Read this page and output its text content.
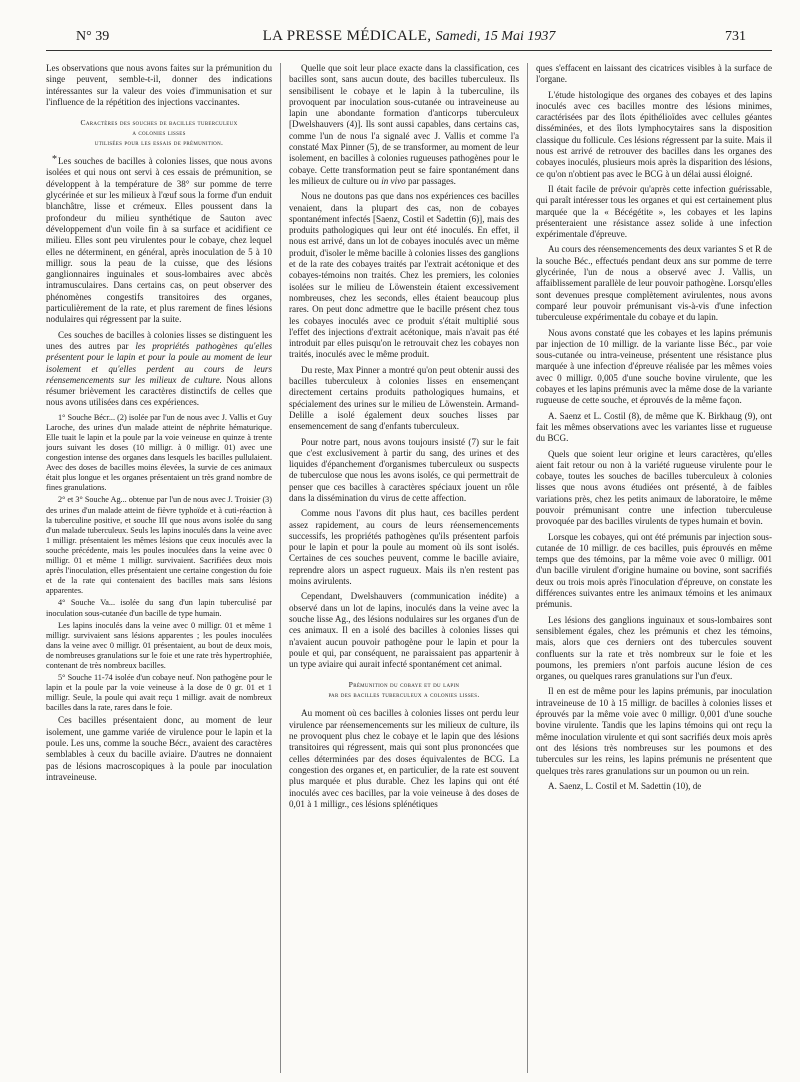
N° 39	LA PRESSE MÉDICALE, Samedi, 15 Mai 1937	731

Les observations que nous avons faites sur la prémunition du singe peuvent, semble-t-il, donner des indications intéressantes sur la valeur des voies d'immunisation et sur l'influence de la répétition des injections vaccinantes.

Caractères des souches de bacilles tuberculeux
a colonies lisses
utilisées pour les essais de prémunition.

* Les souches de bacilles à colonies lisses, que nous avons isolées et qui nous ont servi à ces essais de prémunition, se développent à la température de 38° sur pomme de terre glycérinée et sur les milieux à l'œuf sous la forme d'un enduit blanchâtre, lisse et crémeux. Elles poussent dans la profondeur du milieu synthétique de Sauton avec développement d'un voile fin à sa surface et acidifient ce milieu. Elles sont peu virulentes pour le cobaye, chez lequel elles ne déterminent, en général, après inoculation de 5 à 10 milligr. sous la peau de la cuisse, que des lésions ganglionnaires inguinales et sous-lombaires avec abcès intramusculaires. Dans certains cas, on peut observer des phénomènes congestifs transitoires des organes, particulièrement de la rate, et plus rarement de fines lésions nodulaires qui régressent par la suite.

Ces souches de bacilles à colonies lisses se distinguent les unes des autres par les propriétés pathogènes qu'elles présentent pour le lapin et pour la poule au moment de leur isolement et qu'elles perdent au cours de leurs réensemencements sur les milieux de culture. Nous allons résumer brièvement les caractères distinctifs de celles que nous avons utilisées dans ces expériences.

1° Souche Bécr... (2) isolée par l'un de nous avec J. Vallis et Guy Laroche, des urines d'un malade atteint de néphrite hématurique. Elle tuait le lapin et la poule par la voie veineuse en quinze à trente jours suivant les doses (10 milligr. à 0 milligr. 01) avec une congestion intense des organes dans lesquels les bacilles pullulaient. Avec des doses de bacilles moins élevées, la survie de ces animaux était plus longue et les organes présentaient un très grand nombre de fines granulations.

2° et 3° Souche Ag... obtenue par l'un de nous avec J. Troisier (3) des urines d'un malade atteint de fièvre typhoïde et à cuti-réaction à la tuberculine positive, et souche III que nous avons isolée du sang d'un malade tuberculeux. Seuls les lapins inoculés dans la veine avec 1 milligr. présentaient les mêmes lésions que ceux inoculés avec la souche précédente, mais les poules inoculées dans la veine avec 0 milligr. 01 et même 1 milligr. survivaient. Sacrifiées deux mois après l'inoculation, elles présentaient une certaine congestion du foie et de la rate qui contenaient des bacilles mais sans lésions apparentes.

4° Souche Va... isolée du sang d'un lapin tuberculisé par inoculation sous-cutanée d'un bacille de type humain.

Les lapins inoculés dans la veine avec 0 milligr. 01 et même 1 milligr. survivaient sans lésions apparentes ; les poules inoculées dans la veine avec 0 milligr. 01 présentaient, au bout de deux mois, de nombreuses granulations sur le foie et une rate très hypertrophiée, contenant de très nombreux bacilles.

5° Souche 11-74 isolée d'un cobaye neuf. Non pathogène pour le lapin et la poule par la voie veineuse à la dose de 0 gr. 01 et 1 milligr. Seule, la poule qui avait reçu 1 milligr. avait de nombreux bacilles dans la rate, rares dans le foie.

Ces bacilles présentaient donc, au moment de leur isolement, une gamme variée de virulence pour le lapin et la poule. Les uns, comme la souche Bécr., avaient des caractères semblables à ceux du bacille aviaire. D'autres ne donnaient pas de lésions macroscopiques à la poule par inoculation intraveineuse.

Quelle que soit leur place exacte dans la classification, ces bacilles sont, sans aucun doute, des bacilles tuberculeux. Ils sensibilisent le cobaye et le lapin à la tuberculine, ils provoquent par inoculation sous-cutanée ou intraveineuse au lapin une abondante formation d'anticorps tuberculeux [Dwelshauvers (4)]. Ils sont aussi capables, dans certains cas, comme l'un de nous l'a signalé avec J. Vallis et comme l'a constaté Max Pinner (5), de se transformer, au moment de leur isolement, en bacilles à colonies rugueuses pathogènes pour le cobaye. Cette transformation peut se faire spontanément dans les milieux de culture ou in vivo par passages.

Nous ne doutons pas que dans nos expériences ces bacilles venaient, dans la plupart des cas, non de cobayes spontanément infectés [Saenz, Costil et Sadettin (6)], mais des produits pathologiques qui leur ont été inoculés. En effet, il nous est arrivé, dans un lot de cobayes inoculés avec un même produit, d'isoler le même bacille à colonies lisses des ganglions et de la rate des cobayes traités par l'extrait acétonique et des cobayes-témoins non traités. Chez les premiers, les colonies isolées sur le milieu de Löwenstein étaient excessivement nombreuses, chez les seconds, elles étaient beaucoup plus rares. On peut donc admettre que le bacille présent chez tous les cobayes inoculés avec ce produit s'était multiplié sous l'effet des injections d'extrait acétonique, mais n'avait pas été introduit par elles puisqu'on le retrouvait chez les cobayes non traités, inoculés avec le même produit.

Du reste, Max Pinner a montré qu'on peut obtenir aussi des bacilles tuberculeux à colonies lisses en ensemençant directement certains produits pathologiques humains, et spécialement des urines sur le milieu de Löwenstein. Armand-Delille a isolé également deux souches lisses par ensemencement de sang d'enfants tuberculeux.

Pour notre part, nous avons toujours insisté (7) sur le fait que c'est exclusivement à partir du sang, des urines et des liquides d'épanchement d'organismes tuberculeux ou suspects de tuberculose que nous les avons isolés, ce qui permettrait de penser que ces bacilles à caractères spéciaux jouent un rôle dans la dissémination du virus de cette affection.

Comme nous l'avons dit plus haut, ces bacilles perdent assez rapidement, au cours de leurs réensemencements successifs, les propriétés pathogènes qu'ils présentent parfois pour le lapin et pour la poule au moment où ils sont isolés. Certaines de ces souches peuvent, comme le bacille aviaire, reprendre alors un aspect rugueux. Mais ils n'en restent pas moins avirulents.

Cependant, Dwelshauvers (communication inédite) a observé dans un lot de lapins, inoculés dans la veine avec la souche lisse Ag., des lésions nodulaires sur les organes d'un de ces animaux. Il en a isolé des bacilles à colonies lisses qui n'avaient aucun pouvoir pathogène pour le lapin et pour la poule et qui, par conséquent, ne paraissaient pas appartenir à un type aviaire qui aurait infecté spontanément cet animal.

Prémunition du cobaye et du lapin
par des bacilles tuberculeux a colonies lisses.

Au moment où ces bacilles à colonies lisses ont perdu leur virulence par réensemencements sur les milieux de culture, ils ne provoquent plus chez le cobaye et le lapin que des lésions transitoires qui régressent, mais qui sont plus prononcées que celles déterminées par des doses équivalentes de BCG. La congestion des organes et, en particulier, de la rate est souvent plus marquée et plus durable. Chez les lapins qui ont été inoculés avec ces bacilles, par la voie veineuse à des doses de 0,01 à 1 milligr., ces lésions splénétiques

ques s'effacent en laissant des cicatrices visibles à la surface de l'organe.

L'étude histologique des organes des cobayes et des lapins inoculés avec ces bacilles montre des lésions minimes, caractérisées par des îlots épithélioïdes avec cellules géantes disséminées, et des îlots lymphocytaires sans la disposition classique du follicule. Ces lésions régressent par la suite. Mais il nous est arrivé de retrouver des bacilles dans les organes des cobayes inoculés, plusieurs mois après la disparition des lésions, ce qu'on n'obtient pas avec le BCG à un délai aussi éloigné.

Il était facile de prévoir qu'après cette infection guérissable, qui paraît intéresser tous les organes et qui est certainement plus marquée que la « Bécégétite », les cobayes et les lapins présenteraient une résistance assez solide à une infection expérimentale d'épreuve.

Au cours des réensemencements des deux variantes S et R de la souche Béc., effectués pendant deux ans sur pomme de terre glycérinée, l'un de nous a observé avec J. Vallis, un affaiblissement parallèle de leur pouvoir pathogène. Lorsqu'elles sont devenues presque complètement avirulentes, nous avons comparé leur pouvoir prémunisant vis-à-vis d'une infection tuberculeuse expérimentale du cobaye et du lapin.

Nous avons constaté que les cobayes et les lapins prémunis par injection de 10 milligr. de la variante lisse Béc., par voie sous-cutanée ou intra-veineuse, présentent une résistance plus marquée à une infection d'épreuve réalisée par les mêmes voies avec 0 milligr. 0,005 d'une souche bovine virulente, que les cobayes et les lapins prémunis avec la même dose de la variante rugueuse de cette souche, et éprouvés de la même façon.

A. Saenz et L. Costil (8), de même que K. Birkhaug (9), ont fait les mêmes observations avec les variantes lisse et rugueuse du BCG.

Quels que soient leur origine et leurs caractères, qu'elles aient fait retour ou non à la variété rugueuse virulente pour le cobaye, toutes les souches de bacilles tuberculeux à colonies lisses que nous avons étudiées ont présenté, à de faibles variations près, chez les petits animaux de laboratoire, le même pouvoir prémunisant contre une infection tuberculeuse provoquée par des bacilles virulents de types humain et bovin.

Lorsque les cobayes, qui ont été prémunis par injection sous-cutanée de 10 milligr. de ces bacilles, puis éprouvés en même temps que des témoins, par la même voie avec 0 milligr. 001 d'un bacille virulent d'origine humaine ou bovine, sont sacrifiés deux ou trois mois après l'inoculation d'épreuve, on constate les différences suivantes entre les animaux témoins et les animaux prémunis.

Les lésions des ganglions inguinaux et sous-lombaires sont sensiblement égales, chez les prémunis et chez les témoins, mais, alors que ces derniers ont des tubercules souvent confluents sur la rate et très nombreux sur le foie et les poumons, les premiers n'ont parfois aucune lésion de ces organes, ou quelques rares granulations sur l'un d'eux.

Il en est de même pour les lapins prémunis, par inoculation intraveineuse de 10 à 15 milligr. de bacilles à colonies lisses et éprouvés par la même voie avec 0 milligr. 0,001 d'une souche bovine virulente. Tandis que les lapins témoins qui ont reçu la même inoculation virulente et qui sont sacrifiés deux mois après ont des lésions très nombreuses sur les poumons et des tubercules sur les reins, les lapins prémunis ne présentent que quelques très rares granulations sur un poumon ou un rein.

A. Saenz, L. Costil et M. Sadettin (10), de
